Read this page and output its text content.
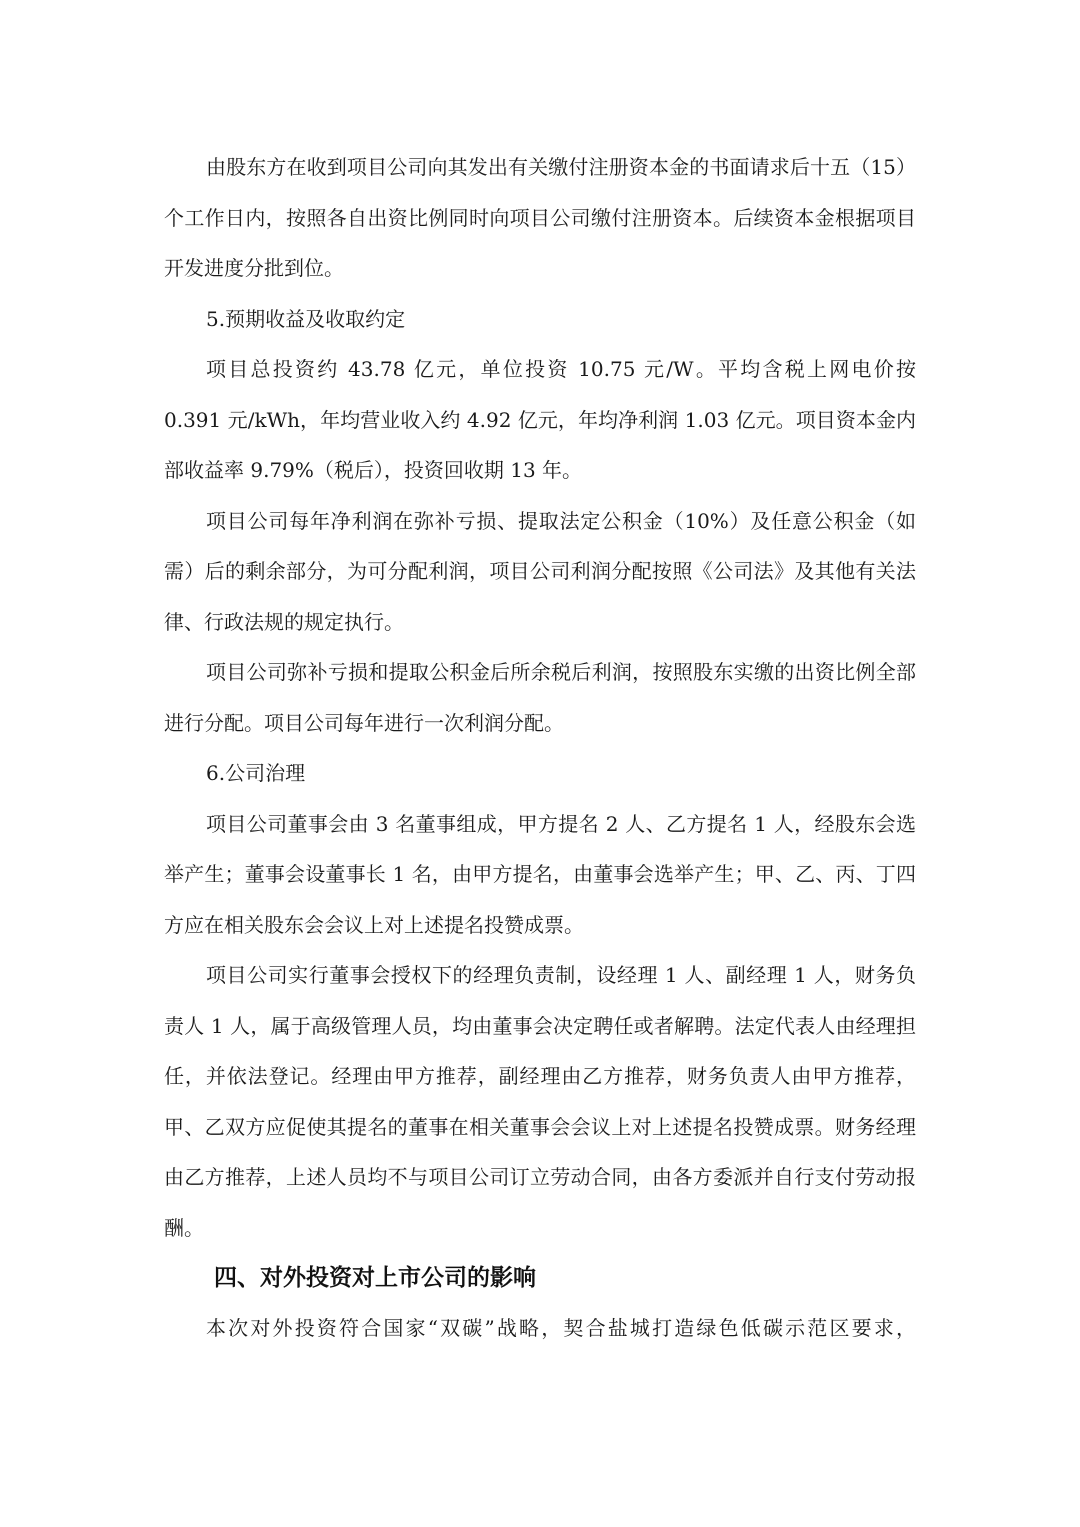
由股东方在收到项目公司向其发出有关缴付注册资本金的书面请求后十五（15）个工作日内，按照各自出资比例同时向项目公司缴付注册资本。后续资本金根据项目开发进度分批到位。

5.预期收益及收取约定

项目总投资约 43.78 亿元，单位投资 10.75 元/W。平均含税上网电价按 0.391 元/kWh，年均营业收入约 4.92 亿元，年均净利润 1.03 亿元。项目资本金内部收益率 9.79%（税后），投资回收期 13 年。

项目公司每年净利润在弥补亏损、提取法定公积金（10%）及任意公积金（如需）后的剩余部分，为可分配利润，项目公司利润分配按照《公司法》及其他有关法律、行政法规的规定执行。

项目公司弥补亏损和提取公积金后所余税后利润，按照股东实缴的出资比例全部进行分配。项目公司每年进行一次利润分配。

6.公司治理

项目公司董事会由 3 名董事组成，甲方提名 2 人、乙方提名 1 人，经股东会选举产生；董事会设董事长 1 名，由甲方提名，由董事会选举产生；甲、乙、丙、丁四方应在相关股东会会议上对上述提名投赞成票。

项目公司实行董事会授权下的经理负责制，设经理 1 人、副经理 1 人，财务负责人 1 人，属于高级管理人员，均由董事会决定聘任或者解聘。法定代表人由经理担任，并依法登记。经理由甲方推荐，副经理由乙方推荐，财务负责人由甲方推荐，甲、乙双方应促使其提名的董事在相关董事会会议上对上述提名投赞成票。财务经理由乙方推荐，上述人员均不与项目公司订立劳动合同，由各方委派并自行支付劳动报酬。

四、对外投资对上市公司的影响

本次对外投资符合国家“双碳”战略，契合盐城打造绿色低碳示范区要求，
